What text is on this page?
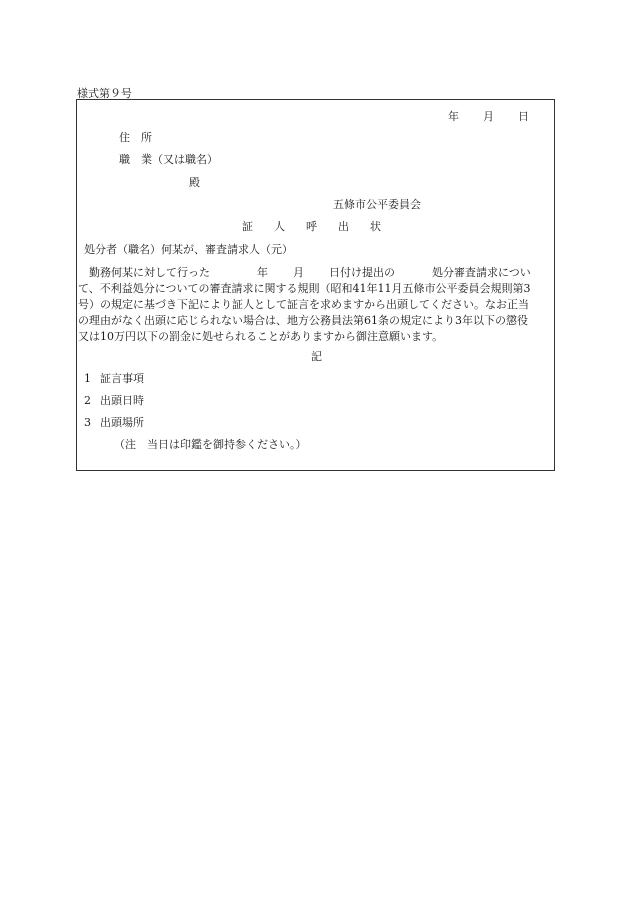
様式第９号
年 月 日
住　所
職　業（又は職名）
殿
五條市公平委員会
証 人 呼 出 状
処分者（職名）何某が、審査請求人（元）
勤務何某に対して行った	年 月 日付け提出の	処分審査請求につい
て、不利益処分についての審査請求に関する規則（昭和41年11月五條市公平委員会規則第3
号）の規定に基づき下記により証人として証言を求めますから出頭してください。なお正当
の理由がなく出頭に応じられない場合は、地方公務員法第61条の規定により3年以下の懲役
又は10万円以下の罰金に処せられることがありますから御注意願います。
記
1 証言事項
2 出頭日時
3 出頭場所
（注　当日は印鑑を御持参ください。）
